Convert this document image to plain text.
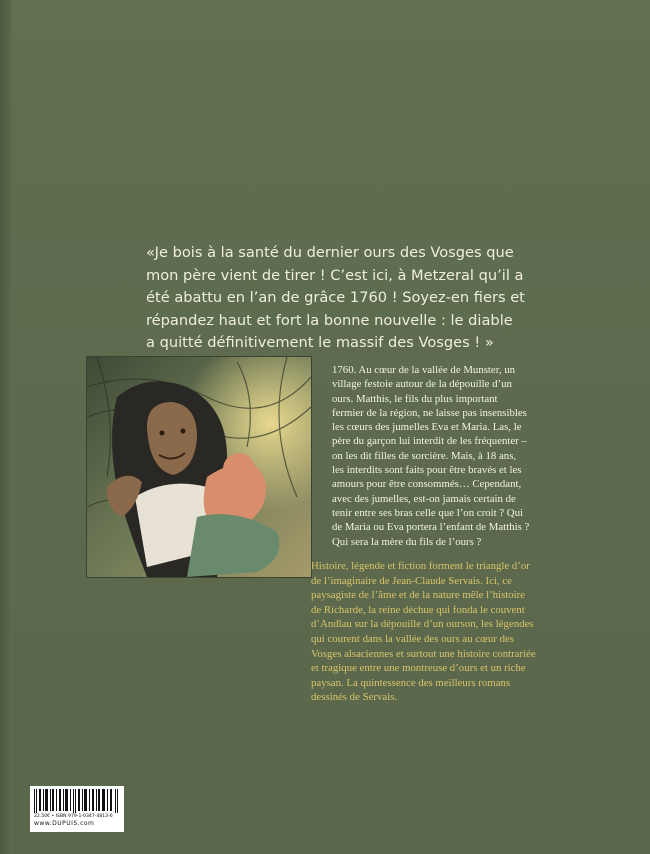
«Je bois à la santé du dernier ours des Vosges que mon père vient de tirer ! C’est ici, à Metzeral qu’il a été abattu en l’an de grâce 1760 ! Soyez-en fiers et répandez haut et fort la bonne nouvelle : le diable a quitté définitivement le massif des Vosges ! »

1760. Au cœur de la vallée de Munster, un village festoie autour de la dépouille d’un ours. Matthis, le fils du plus important fermier de la région, ne laisse pas insensibles les cœurs des jumelles Eva et Maria. Las, le père du garçon lui interdit de les fréquenter – on les dit filles de sorcière. Mais, à 18 ans, les interdits sont faits pour être bravés et les amours pour être consommés… Cependant, avec des jumelles, est-on jamais certain de tenir entre ses bras celle que l’on croit ? Qui de Maria ou Eva portera l’enfant de Matthis ? Qui sera la mère du fils de l’ours ?

Histoire, légende et fiction forment le triangle d’or de l’imaginaire de Jean-Claude Servais. Ici, ce paysagiste de l’âme et de la nature mêle l’histoire de Richarde, la reine déchue qui fonda le couvent d’Andlau sur la dépouille d’un ourson, les légendes qui courent dans la vallée des ours au cœur des Vosges alsaciennes et surtout une histoire contrariée et tragique entre une montreuse d’ours et un riche paysan. La quintessence des meilleurs romans dessinés de Servais.

22.50€ • ISBN 979-1-0347-4813-6
www.DUPUIS.com
